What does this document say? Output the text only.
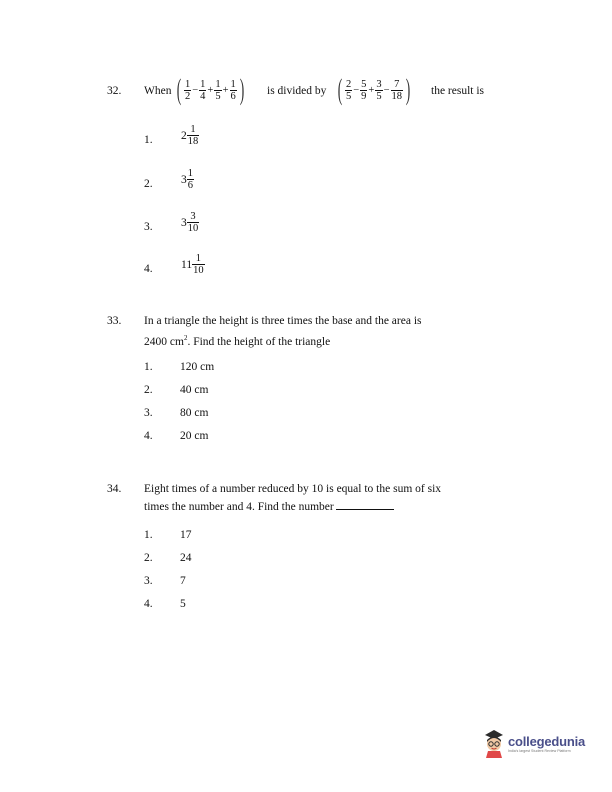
32. When ( $\frac{1}{2} - \frac{1}{4} + \frac{1}{5} + \frac{1}{6}$ ) is divided by ( $\frac{2}{5} - \frac{5}{9} + \frac{3}{5} - \frac{7}{18}$ ) the result is
1. $2 \frac{1}{18}$
2. $3 \frac{1}{6}$
3. $3 \frac{3}{10}$
4. $11 \frac{1}{10}$
33. In a triangle the height is three times the base and the area is
2400 $cm^2$. Find the height of the triangle
1. 120 cm
2. 40 cm
3. 80 cm
4. 20 cm
34. Eight times of a number reduced by 10 is equal to the sum of six
times the number and 4. Find the number
1. 17
2. 24
3. 7
4. 5
collegedunia
India's largest Student Review Platform
